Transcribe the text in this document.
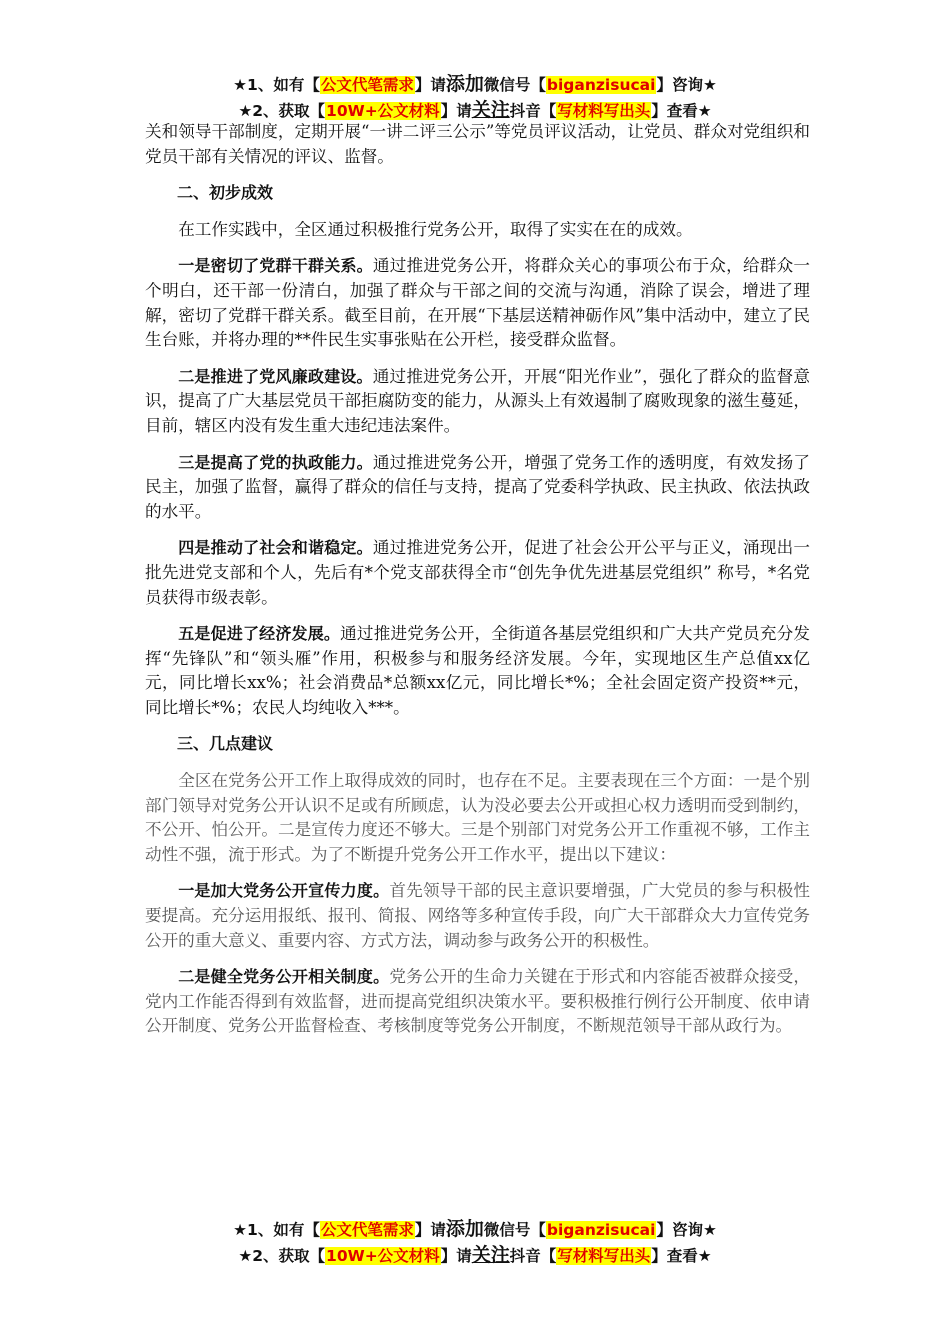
★1、如有【公文代笔需求】请添加微信号【biganzisucai】咨询★
★2、获取【10W+公文材料】请关注抖音【写材料写出头】查看★

关和领导干部制度，定期开展“一讲二评三公示”等党员评议活动，让党员、群众对党组织和党员干部有关情况的评议、监督。

二、初步成效

在工作实践中，全区通过积极推行党务公开，取得了实实在在的成效。

一是密切了党群干群关系。通过推进党务公开，将群众关心的事项公布于众，给群众一个明白，还干部一份清白，加强了群众与干部之间的交流与沟通，消除了误会，增进了理解，密切了党群干群关系。截至目前，在开展“下基层送精神砺作风”集中活动中，建立了民生台账，并将办理的**件民生实事张贴在公开栏，接受群众监督。

二是推进了党风廉政建设。通过推进党务公开，开展“阳光作业”，强化了群众的监督意识，提高了广大基层党员干部拒腐防变的能力，从源头上有效遏制了腐败现象的滋生蔓延，目前，辖区内没有发生重大违纪违法案件。

三是提高了党的执政能力。通过推进党务公开，增强了党务工作的透明度，有效发扬了民主，加强了监督，赢得了群众的信任与支持，提高了党委科学执政、民主执政、依法执政的水平。

四是推动了社会和谐稳定。通过推进党务公开，促进了社会公开公平与正义，涌现出一批先进党支部和个人，先后有*个党支部获得全市“创先争优先进基层党组织” 称号，*名党员获得市级表彰。

五是促进了经济发展。通过推进党务公开，全街道各基层党组织和广大共产党员充分发挥“先锋队”和“领头雁”作用，积极参与和服务经济发展。今年，实现地区生产总值xx亿元，同比增长xx%；社会消费品*总额xx亿元，同比增长*%；全社会固定资产投资**元，同比增长*%；农民人均纯收入***。

三、几点建议

全区在党务公开工作上取得成效的同时，也存在不足。主要表现在三个方面：一是个别部门领导对党务公开认识不足或有所顾虑，认为没必要去公开或担心权力透明而受到制约，不公开、怕公开。二是宣传力度还不够大。三是个别部门对党务公开工作重视不够，工作主动性不强，流于形式。为了不断提升党务公开工作水平，提出以下建议：

一是加大党务公开宣传力度。首先领导干部的民主意识要增强，广大党员的参与积极性要提高。充分运用报纸、报刊、简报、网络等多种宣传手段，向广大干部群众大力宣传党务公开的重大意义、重要内容、方式方法，调动参与政务公开的积极性。

二是健全党务公开相关制度。党务公开的生命力关键在于形式和内容能否被群众接受，党内工作能否得到有效监督，进而提高党组织决策水平。要积极推行例行公开制度、依申请公开制度、党务公开监督检查、考核制度等党务公开制度，不断规范领导干部从政行为。

★1、如有【公文代笔需求】请添加微信号【biganzisucai】咨询★
★2、获取【10W+公文材料】请关注抖音【写材料写出头】查看★
